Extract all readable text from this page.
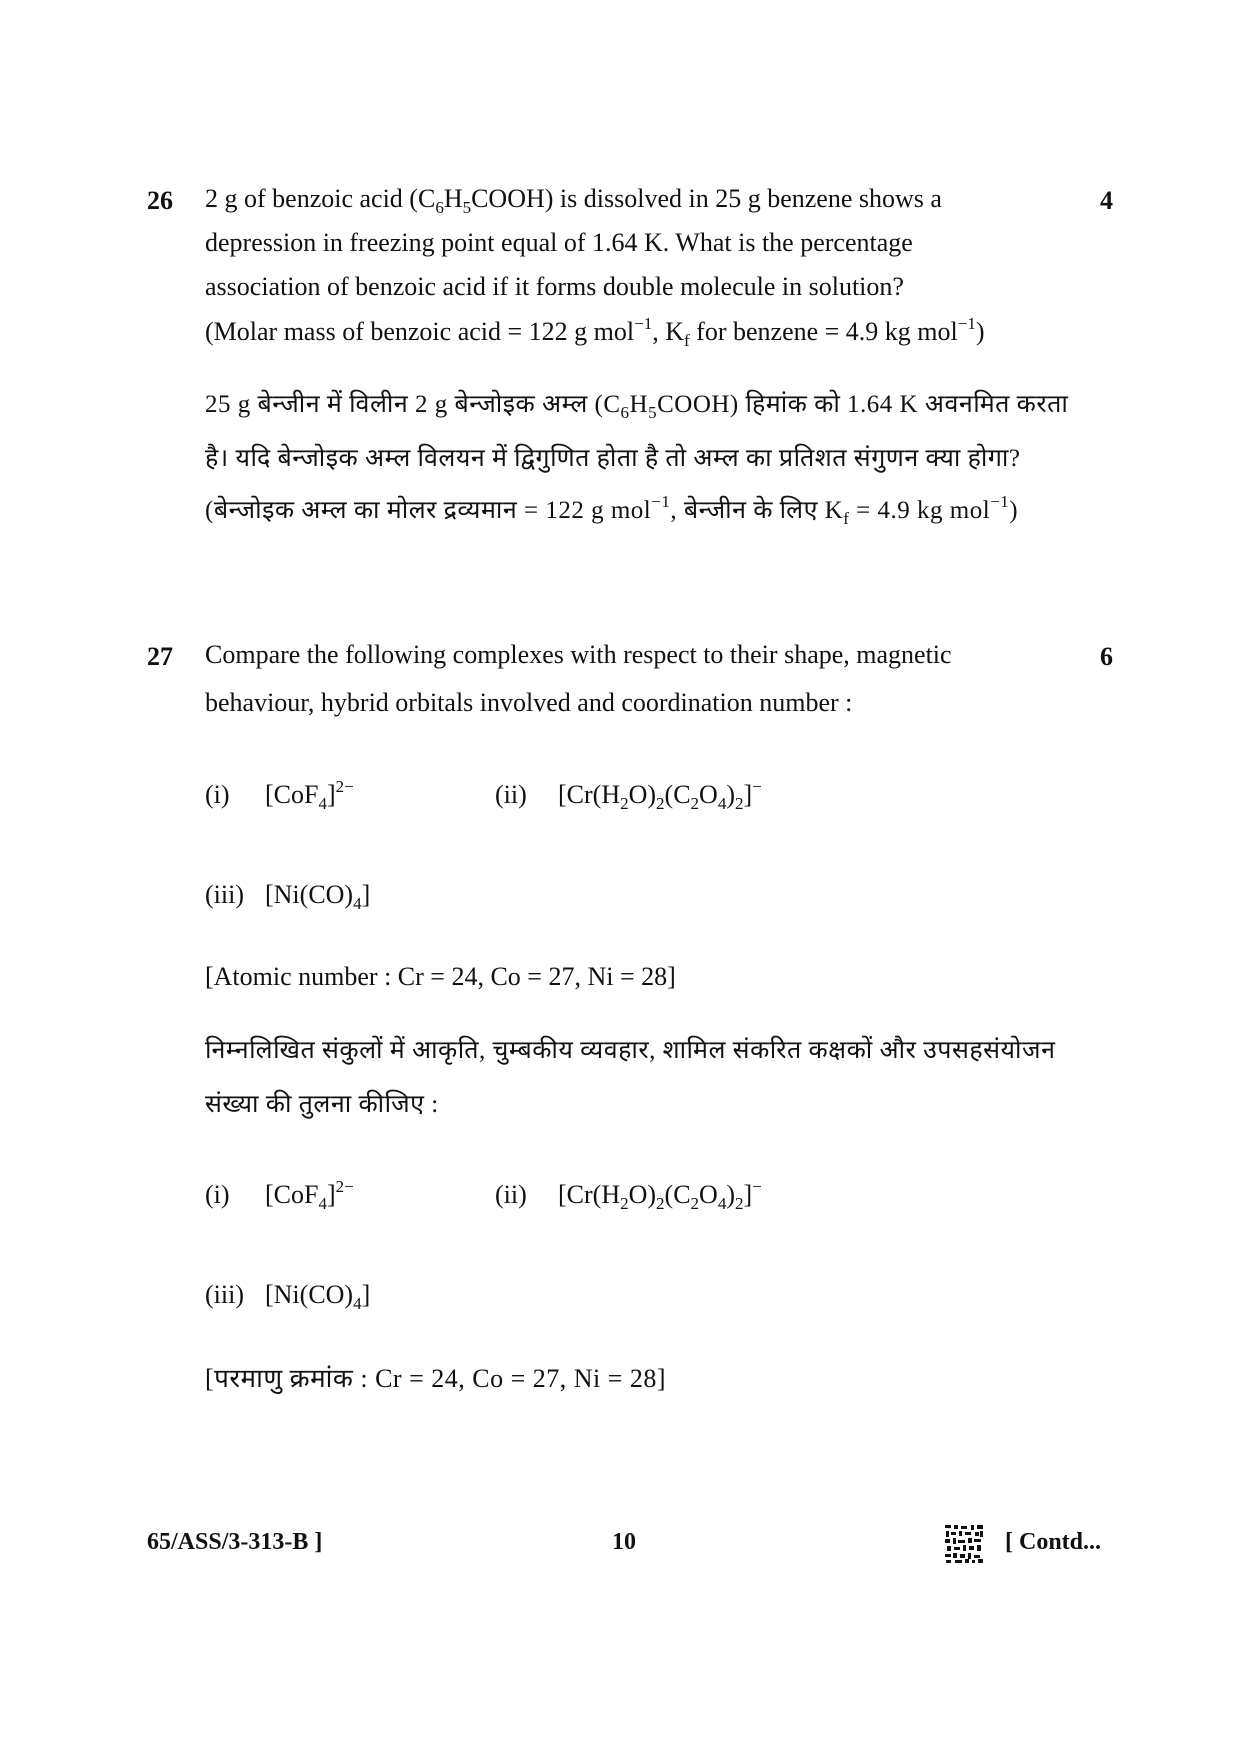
26	4
2 g of benzoic acid $(C_6H_5COOH)$ is dissolved in 25 g benzene shows a
depression in freezing point equal of 1.64 K. What is the percentage
association of benzoic acid if it forms double molecule in solution?
(Molar mass of benzoic acid = 122 g mol$^{-1}$, $K_f$ for benzene = 4.9 kg mol$^{-1}$)
25 g बेन्जीन में विलीन 2 g बेन्जोइक अम्ल $(C_6H_5COOH)$ हिमांक को 1.64 K अवनमित करता
है। यदि बेन्जोइक अम्ल विलयन में द्विगुणित होता है तो अम्ल का प्रतिशत संगुणन क्या होगा?
(बेन्जोइक अम्ल का मोलर द्रव्यमान = 122 g mol$^{-1}$, बेन्जीन के लिए $K_f = 4.9$ kg mol$^{-1}$)
27	6
Compare the following complexes with respect to their shape, magnetic
behaviour, hybrid orbitals involved and coordination number :
(i) $[CoF_4]^{2-}$	(ii) $[Cr(H_2O)_2(C_2O_4)_2]^-$
(iii) $[Ni(CO)_4]$
[Atomic number : Cr = 24, Co = 27, Ni = 28]
निम्नलिखित संकुलों में आकृति, चुम्बकीय व्यवहार, शामिल संकरित कक्षकों और उपसहसंयोजन
संख्या की तुलना कीजिए :
(i) $[CoF_4]^{2-}$	(ii) $[Cr(H_2O)_2(C_2O_4)_2]^-$
(iii) $[Ni(CO)_4]$
[परमाणु क्रमांक : Cr = 24, Co = 27, Ni = 28]
65/ASS/3-313-B ]	10	[ Contd...
